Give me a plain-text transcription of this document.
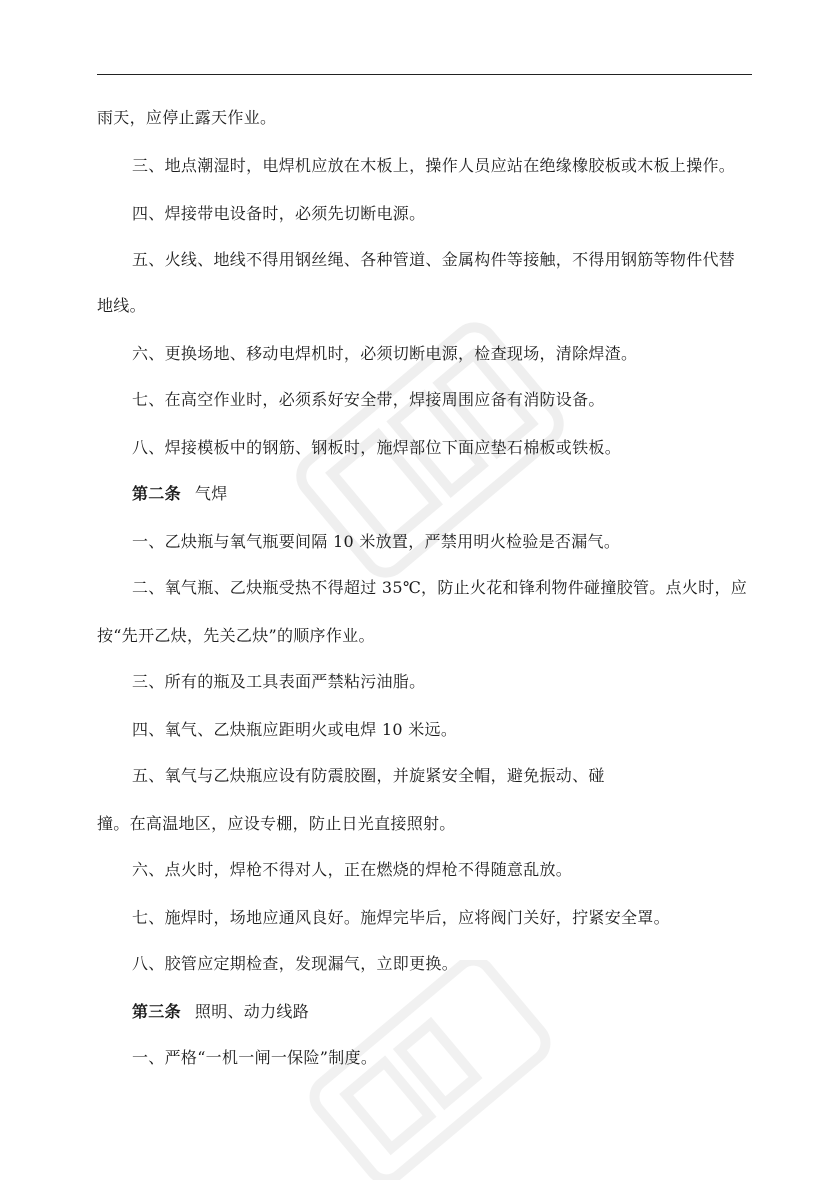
雨天，应停止露天作业。
三、地点潮湿时，电焊机应放在木板上，操作人员应站在绝缘橡胶板或木板上操作。
四、焊接带电设备时，必须先切断电源。
五、火线、地线不得用钢丝绳、各种管道、金属构件等接触，不得用钢筋等物件代替
地线。
六、更换场地、移动电焊机时，必须切断电源，检查现场，清除焊渣。
七、在高空作业时，必须系好安全带，焊接周围应备有消防设备。
八、焊接模板中的钢筋、钢板时，施焊部位下面应垫石棉板或铁板。
第二条 气焊
一、乙炔瓶与氧气瓶要间隔 10 米放置，严禁用明火检验是否漏气。
二、氧气瓶、乙炔瓶受热不得超过 35℃，防止火花和锋利物件碰撞胶管。点火时，应
按“先开乙炔，先关乙炔”的顺序作业。
三、所有的瓶及工具表面严禁粘污油脂。
四、氧气、乙炔瓶应距明火或电焊 10 米远。
五、氧气与乙炔瓶应设有防震胶圈，并旋紧安全帽，避免振动、碰
撞。在高温地区，应设专棚，防止日光直接照射。
六、点火时，焊枪不得对人，正在燃烧的焊枪不得随意乱放。
七、施焊时，场地应通风良好。施焊完毕后，应将阀门关好，拧紧安全罩。
八、胶管应定期检查，发现漏气，立即更换。
第三条 照明、动力线路
一、严格“一机一闸一保险”制度。
